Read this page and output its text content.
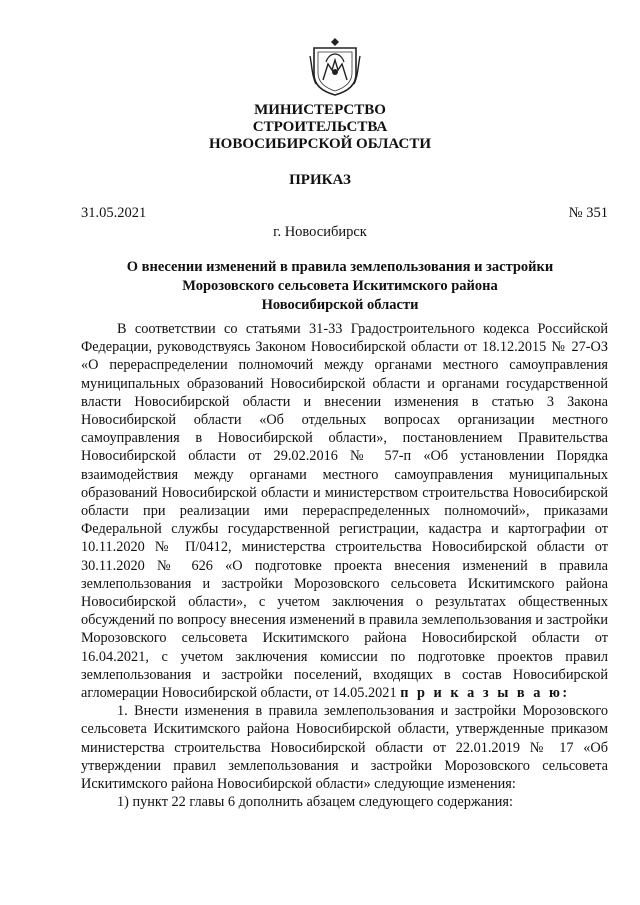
МИНИСТЕРСТВО
СТРОИТЕЛЬСТВА
НОВОСИБИРСКОЙ ОБЛАСТИ
ПРИКАЗ
31.05.2021	№ 351
г. Новосибирск
О внесении изменений в правила землепользования и застройки
Морозовского сельсовета Искитимского района
Новосибирской области

В соответствии со статьями 31-33 Градостроительного кодекса Российской Федерации, руководствуясь Законом Новосибирской области от 18.12.2015 № 27-ОЗ «О перераспределении полномочий между органами местного самоуправления муниципальных образований Новосибирской области и органами государственной власти Новосибирской области и внесении изменения в статью 3 Закона Новосибирской области «Об отдельных вопросах организации местного самоуправления в Новосибирской области», постановлением Правительства Новосибирской области от 29.02.2016 № 57-п «Об установлении Порядка взаимодействия между органами местного самоуправления муниципальных образований Новосибирской области и министерством строительства Новосибирской области при реализации ими перераспределенных полномочий», приказами Федеральной службы государственной регистрации, кадастра и картографии от 10.11.2020 № П/0412, министерства строительства Новосибирской области от 30.11.2020 № 626 «О подготовке проекта внесения изменений в правила землепользования и застройки Морозовского сельсовета Искитимского района Новосибирской области», с учетом заключения о результатах общественных обсуждений по вопросу внесения изменений в правила землепользования и застройки Морозовского сельсовета Искитимского района Новосибирской области от 16.04.2021, с учетом заключения комиссии по подготовке проектов правил землепользования и застройки поселений, входящих в состав Новосибирской агломерации Новосибирской области, от 14.05.2021 п р и к а з ы в а ю:

1. Внести изменения в правила землепользования и застройки Морозовского сельсовета Искитимского района Новосибирской области, утвержденные приказом министерства строительства Новосибирской области от 22.01.2019 № 17 «Об утверждении правил землепользования и застройки Морозовского сельсовета Искитимского района Новосибирской области» следующие изменения:

1) пункт 22 главы 6 дополнить абзацем следующего содержания:
